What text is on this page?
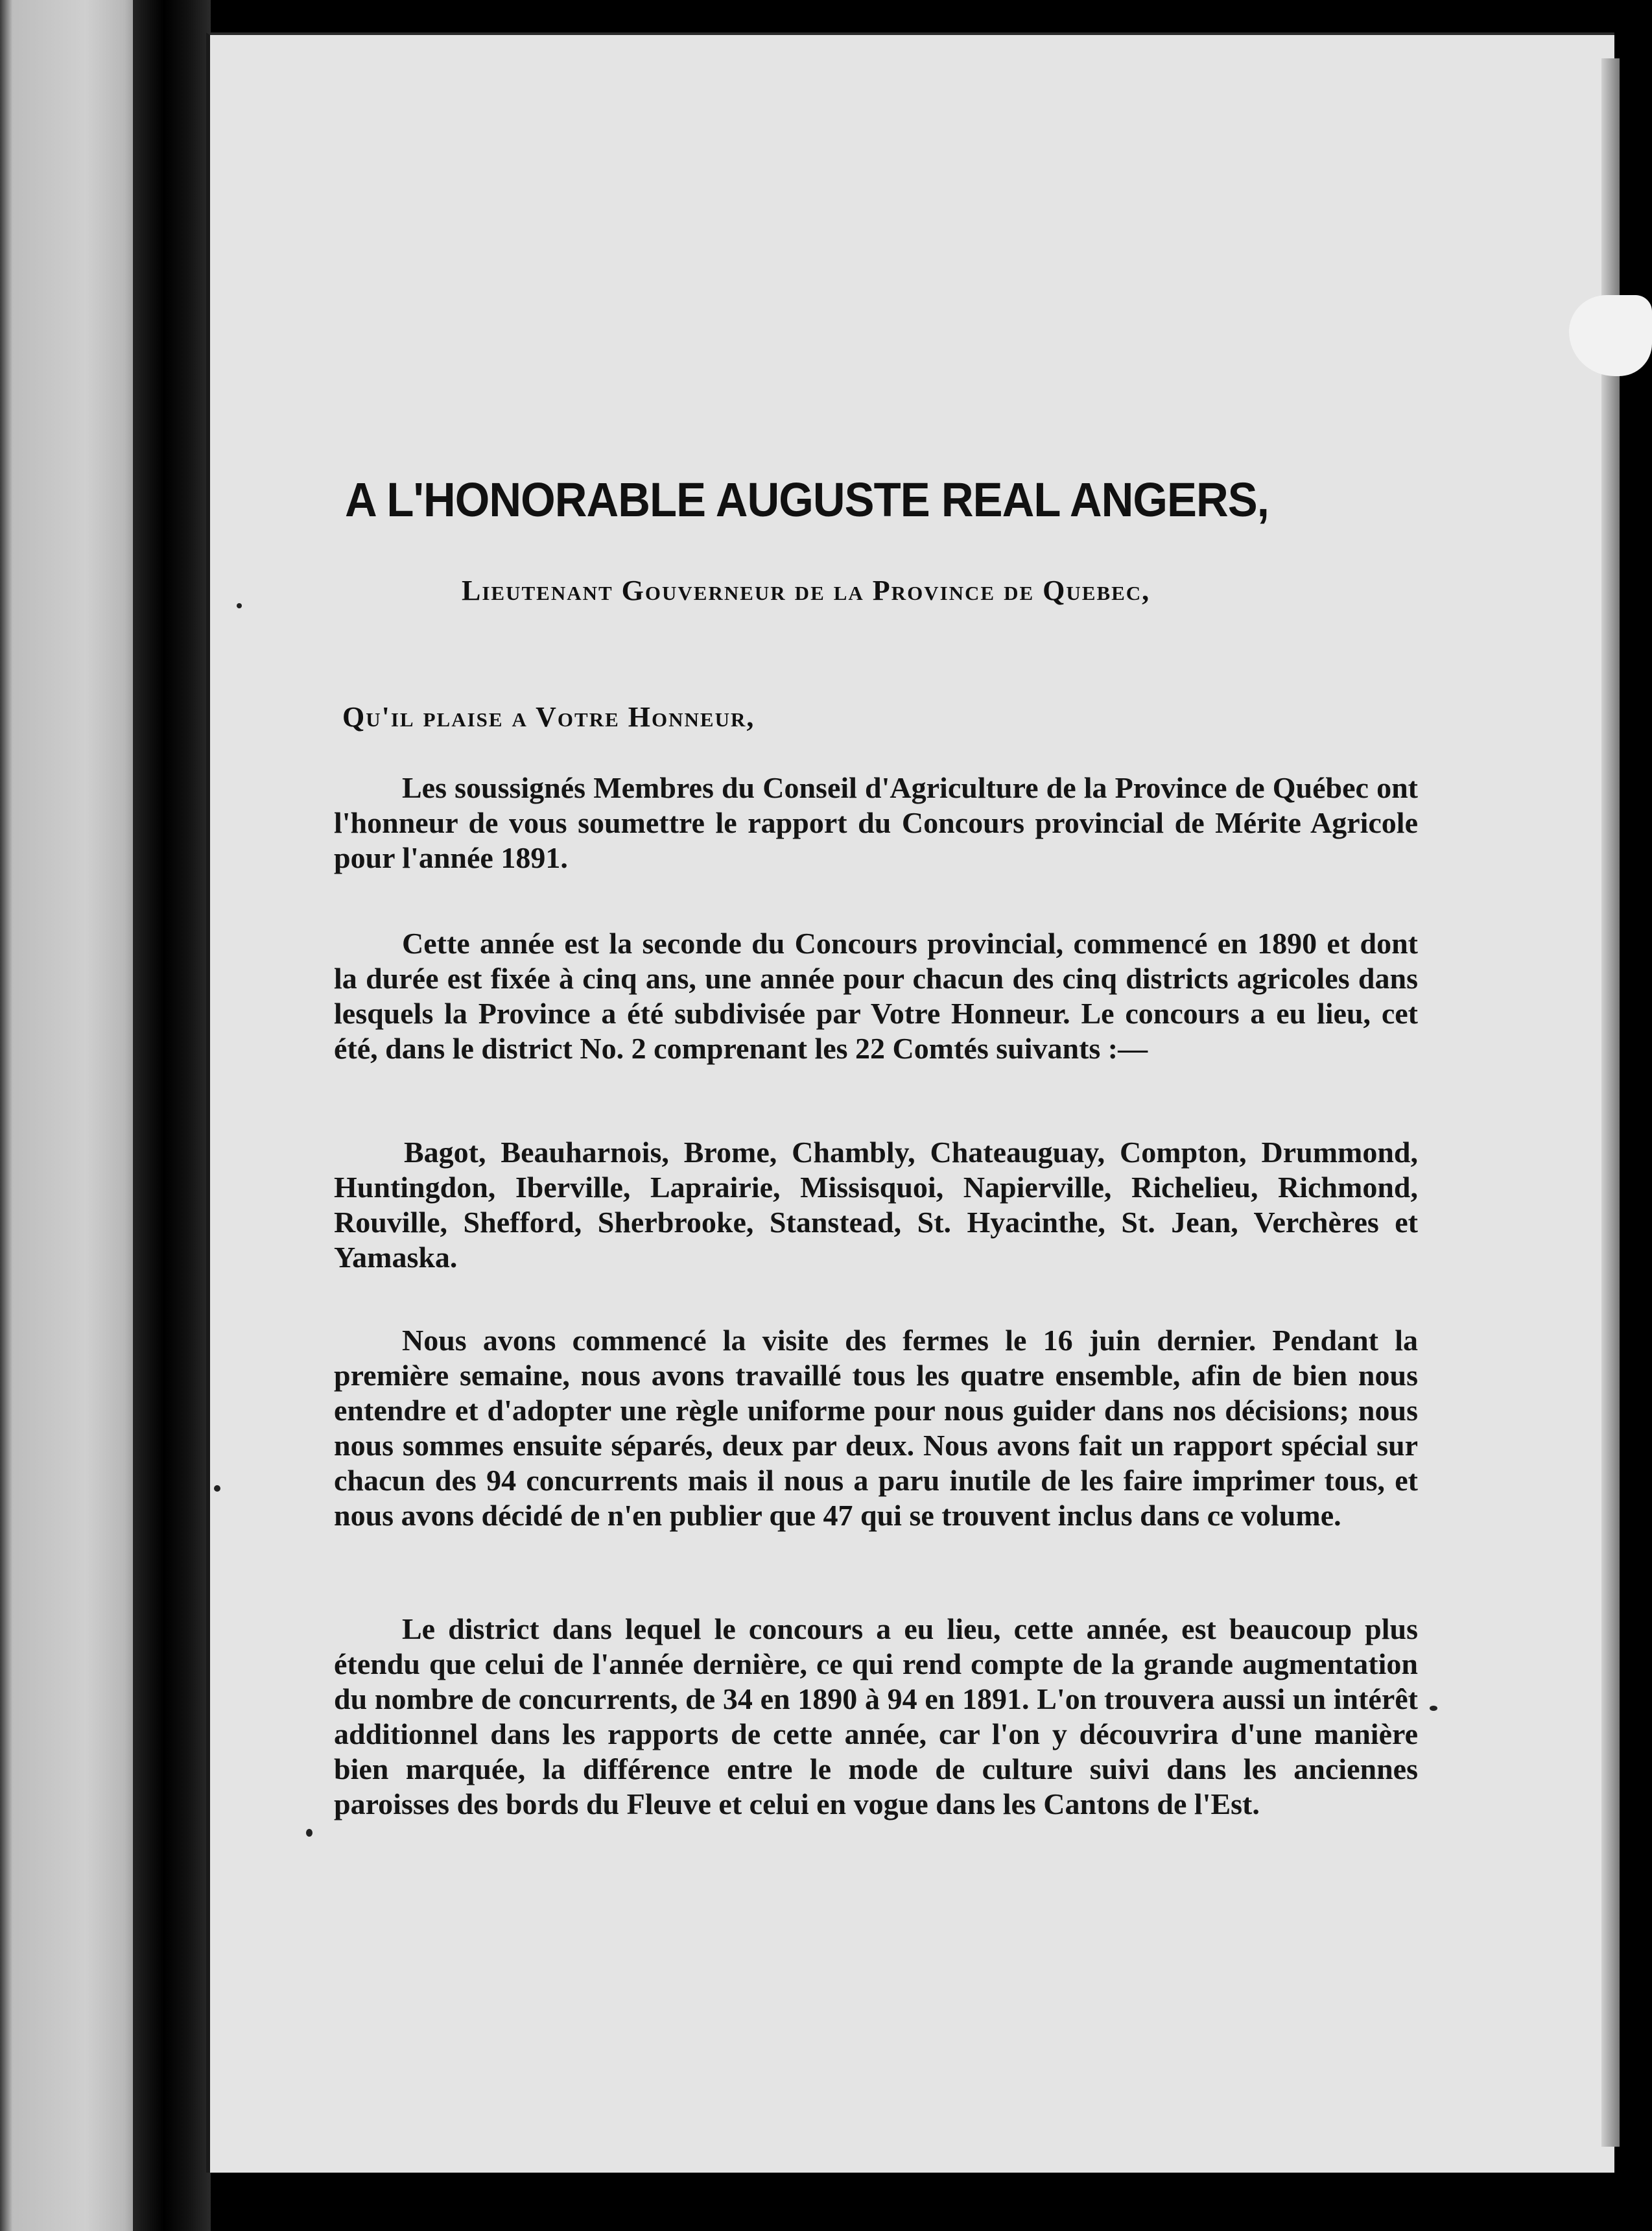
A L'HONORABLE AUGUSTE REAL ANGERS,
Lieutenant Gouverneur de la Province de Quebec,
Qu'il plaise a Votre Honneur,

Les soussignés Membres du Conseil d'Agriculture de la Province de Québec ont l'honneur de vous soumettre le rapport du Concours provincial de Mérite Agricole pour l'année 1891.

Cette année est la seconde du Concours provincial, commencé en 1890 et dont la durée est fixée à cinq ans, une année pour chacun des cinq districts agricoles dans lesquels la Province a été subdivisée par Votre Honneur. Le concours a eu lieu, cet été, dans le district No. 2 comprenant les 22 Comtés suivants :—

Bagot, Beauharnois, Brome, Chambly, Chateauguay, Compton, Drummond, Huntingdon, Iberville, Laprairie, Missisquoi, Napierville, Richelieu, Richmond, Rouville, Shefford, Sherbrooke, Stanstead, St. Hyacinthe, St. Jean, Verchères et Yamaska.

Nous avons commencé la visite des fermes le 16 juin dernier. Pendant la première semaine, nous avons travaillé tous les quatre ensemble, afin de bien nous entendre et d'adopter une règle uniforme pour nous guider dans nos décisions; nous nous sommes ensuite séparés, deux par deux. Nous avons fait un rapport spécial sur chacun des 94 concurrents mais il nous a paru inutile de les faire imprimer tous, et nous avons décidé de n'en publier que 47 qui se trouvent inclus dans ce volume.

Le district dans lequel le concours a eu lieu, cette année, est beaucoup plus étendu que celui de l'année dernière, ce qui rend compte de la grande augmentation du nombre de concurrents, de 34 en 1890 à 94 en 1891. L'on trouvera aussi un intérêt additionnel dans les rapports de cette année, car l'on y découvrira d'une manière bien marquée, la différence entre le mode de culture suivi dans les anciennes paroisses des bords du Fleuve et celui en vogue dans les Cantons de l'Est.
